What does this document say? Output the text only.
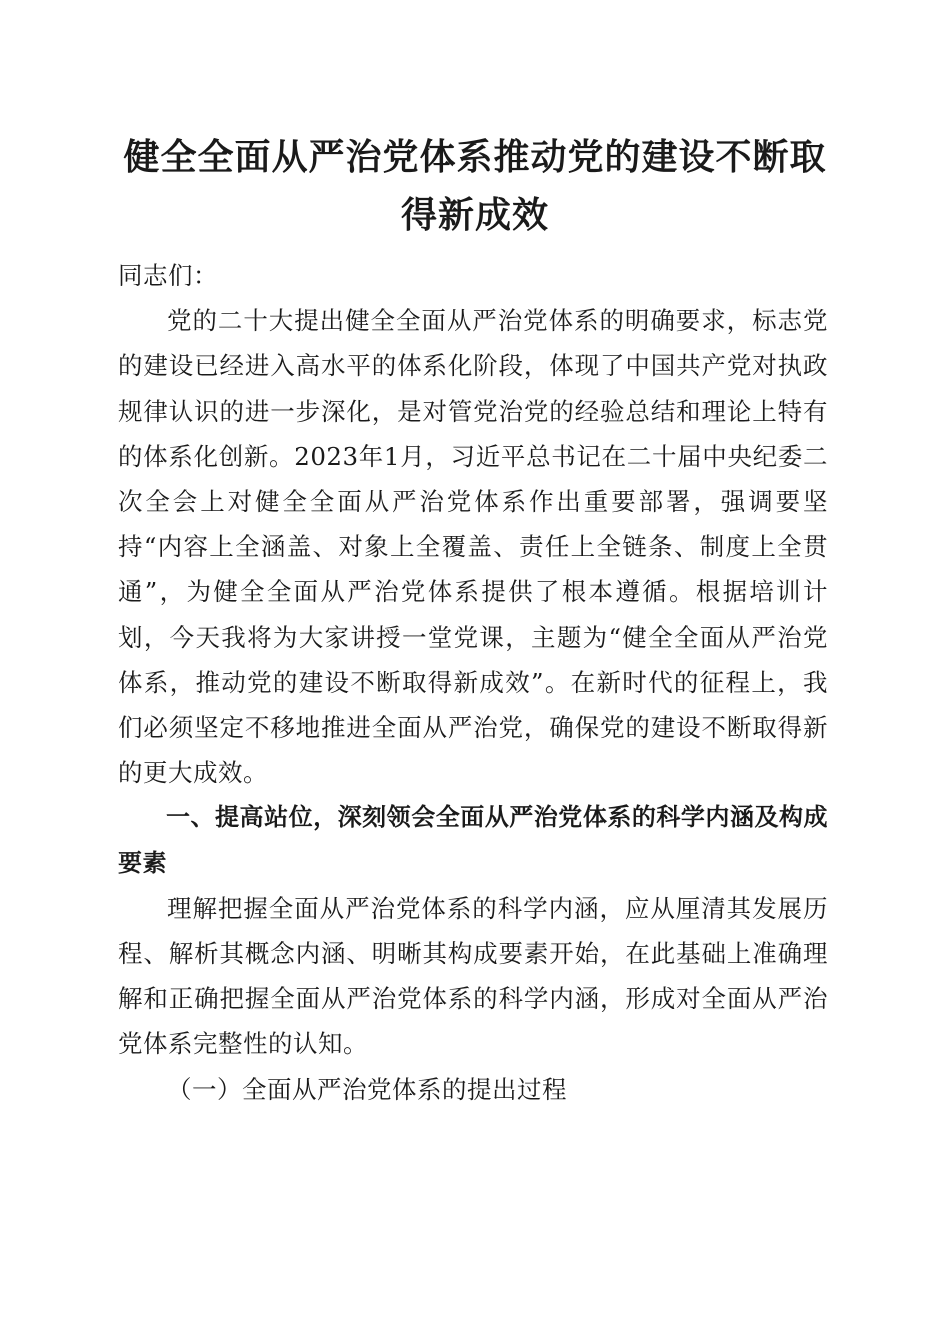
健全全面从严治党体系推动党的建设不断取得新成效

同志们：

党的二十大提出健全全面从严治党体系的明确要求，标志党的建设已经进入高水平的体系化阶段，体现了中国共产党对执政规律认识的进一步深化，是对管党治党的经验总结和理论上特有的体系化创新。2023年1月，习近平总书记在二十届中央纪委二次全会上对健全全面从严治党体系作出重要部署，强调要坚持“内容上全涵盖、对象上全覆盖、责任上全链条、制度上全贯通”，为健全全面从严治党体系提供了根本遵循。根据培训计划，今天我将为大家讲授一堂党课，主题为“健全全面从严治党体系，推动党的建设不断取得新成效”。在新时代的征程上，我们必须坚定不移地推进全面从严治党，确保党的建设不断取得新的更大成效。

一、提高站位，深刻领会全面从严治党体系的科学内涵及构成要素

理解把握全面从严治党体系的科学内涵，应从厘清其发展历程、解析其概念内涵、明晰其构成要素开始，在此基础上准确理解和正确把握全面从严治党体系的科学内涵，形成对全面从严治党体系完整性的认知。

（一）全面从严治党体系的提出过程
